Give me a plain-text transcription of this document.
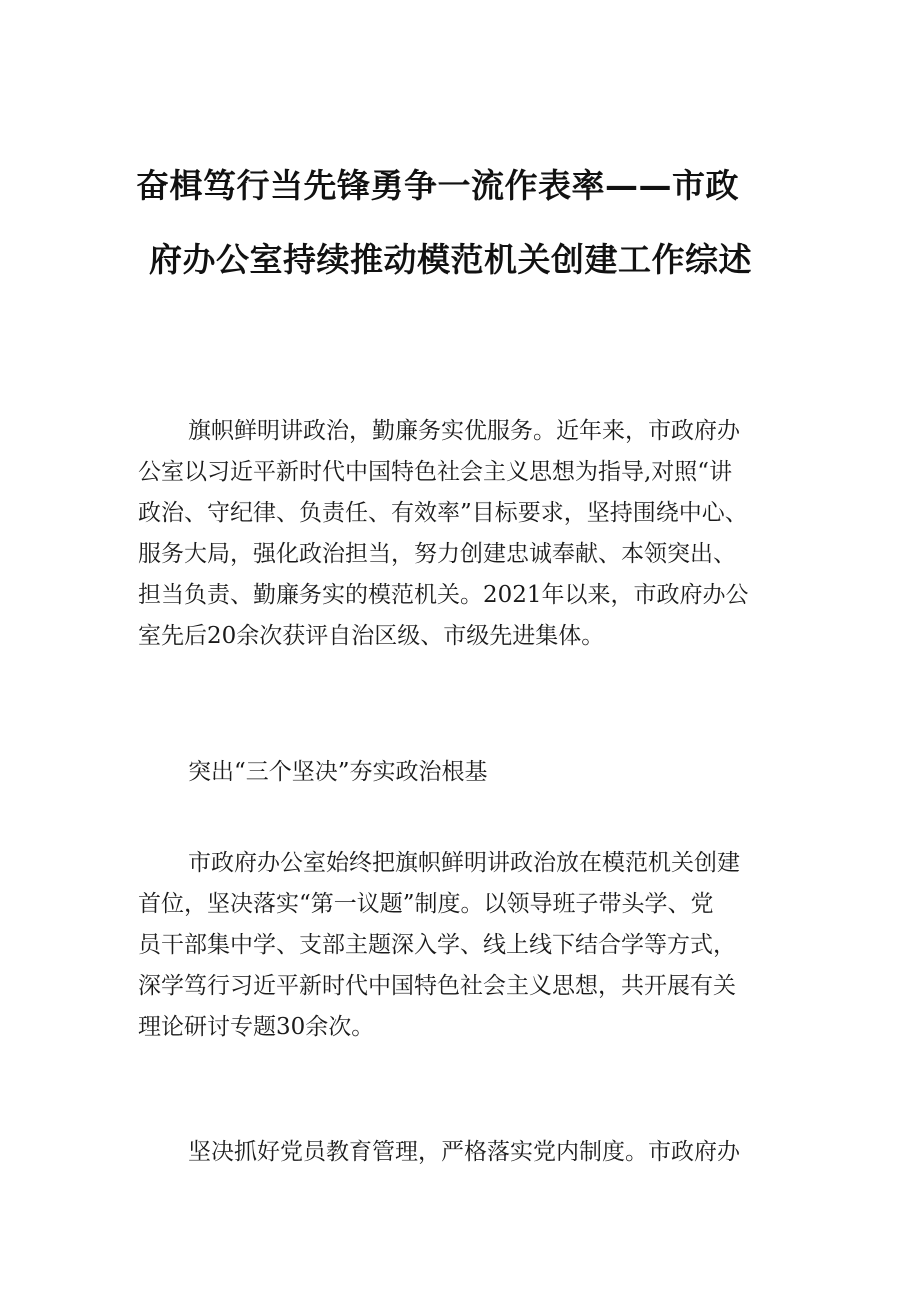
奋楫笃行当先锋勇争一流作表率——市政
府办公室持续推动模范机关创建工作综述
旗帜鲜明讲政治，勤廉务实优服务。近年来，市政府办
公室以习近平新时代中国特色社会主义思想为指导,对照“讲
政治、守纪律、负责任、有效率”目标要求，坚持围绕中心、
服务大局，强化政治担当，努力创建忠诚奉献、本领突出、
担当负责、勤廉务实的模范机关。2021年以来，市政府办公
室先后20余次获评自治区级、市级先进集体。
突出“三个坚决”夯实政治根基
市政府办公室始终把旗帜鲜明讲政治放在模范机关创建
首位，坚决落实“第一议题”制度。以领导班子带头学、党
员干部集中学、支部主题深入学、线上线下结合学等方式，
深学笃行习近平新时代中国特色社会主义思想，共开展有关
理论研讨专题30余次。
坚决抓好党员教育管理，严格落实党内制度。市政府办
